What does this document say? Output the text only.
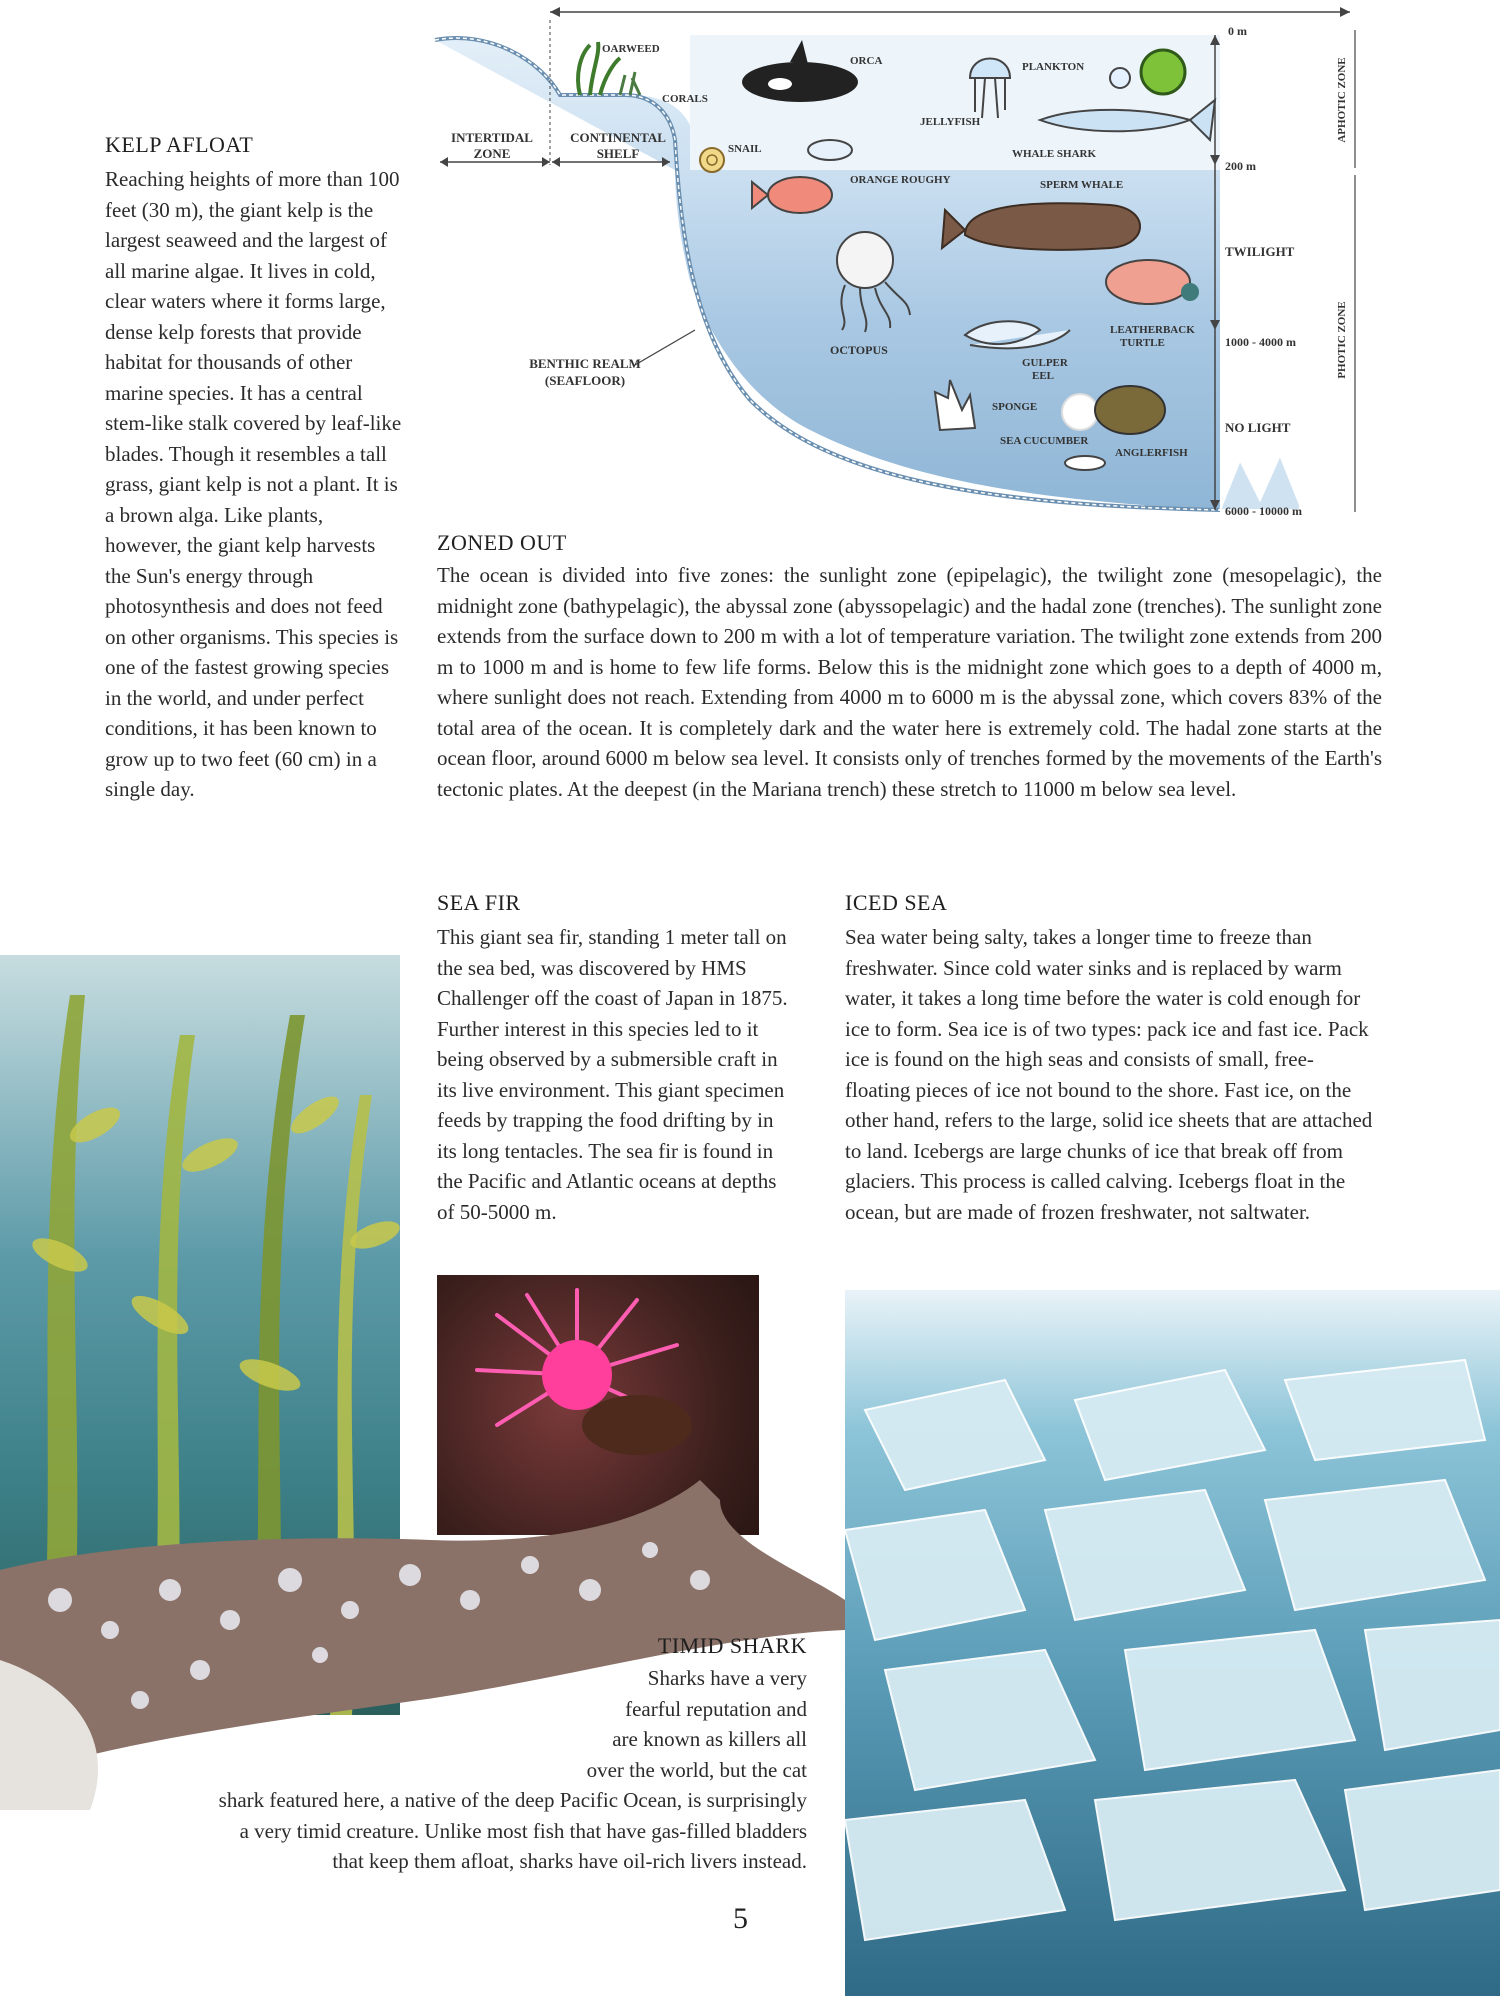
KELP AFLOAT

Reaching heights of more than 100 feet (30 m), the giant kelp is the largest seaweed and the largest of all marine algae. It lives in cold, clear waters where it forms large, dense kelp forests that provide habitat for thousands of other marine species. It has a central stem-like stalk covered by leaf-like blades. Though it resembles a tall grass, giant kelp is not a plant. It is a brown alga. Like plants, however, the giant kelp harvests the Sun's energy through photosynthesis and does not feed on other organisms. This species is one of the fastest growing species in the world, and under perfect conditions, it has been known to grow up to two feet (60 cm) in a single day.

INTERTIDAL
ZONE
CONTINENTAL
SHELF
BENTHIC REALM
(SEAFLOOR)
OARWEED
CORALS
SNAIL
ORCA
JELLYFISH
PLANKTON
WHALE SHARK
ORANGE ROUGHY	SPERM WHALE
OCTOPUS
LEATHERBACK
TURTLE
GULPER
EEL
SPONGE
SEA CUCUMBER
ANGLERFISH
0 m
200 m
TWILIGHT
1000 - 4000 m
NO LIGHT
6000 - 10000 m
APHOTIC ZONE
PHOTIC ZONE
ZONED OUT

The ocean is divided into five zones: the sunlight zone (epipelagic), the twilight zone (mesopelagic), the midnight zone (bathypelagic), the abyssal zone (abyssopelagic) and the hadal zone (trenches). The sunlight zone extends from the surface down to 200 m with a lot of temperature variation. The twilight zone extends from 200 m to 1000 m and is home to few life forms. Below this is the midnight zone which goes to a depth of 4000 m, where sunlight does not reach. Extending from 4000 m to 6000 m is the abyssal zone, which covers 83% of the total area of the ocean. It is completely dark and the water here is extremely cold. The hadal zone starts at the ocean floor, around 6000 m below sea level. It consists only of trenches formed by the movements of the Earth's tectonic plates. At the deepest (in the Mariana trench) these stretch to 11000 m below sea level.

SEA FIR

This giant sea fir, standing 1 meter tall on the sea bed, was discovered by HMS Challenger off the coast of Japan in 1875. Further interest in this species led to it being observed by a submersible craft in its live environment. This giant specimen feeds by trapping the food drifting by in its long tentacles. The sea fir is found in the Pacific and Atlantic oceans at depths of 50-5000 m.

ICED SEA

Sea water being salty, takes a longer time to freeze than freshwater. Since cold water sinks and is replaced by warm water, it takes a long time before the water is cold enough for ice to form. Sea ice is of two types: pack ice and fast ice. Pack ice is found on the high seas and consists of small, free-floating pieces of ice not bound to the shore. Fast ice, on the other hand, refers to the large, solid ice sheets that are attached to land. Icebergs are large chunks of ice that break off from glaciers. This process is called calving. Icebergs float in the ocean, but are made of frozen freshwater, not saltwater.

TIMID SHARK

Sharks have a very

fearful reputation and

are known as killers all

over the world, but the cat

shark featured here, a native of the deep Pacific Ocean, is surprisingly

a very timid creature. Unlike most fish that have gas-filled bladders

that keep them afloat, sharks have oil-rich livers instead.

5
